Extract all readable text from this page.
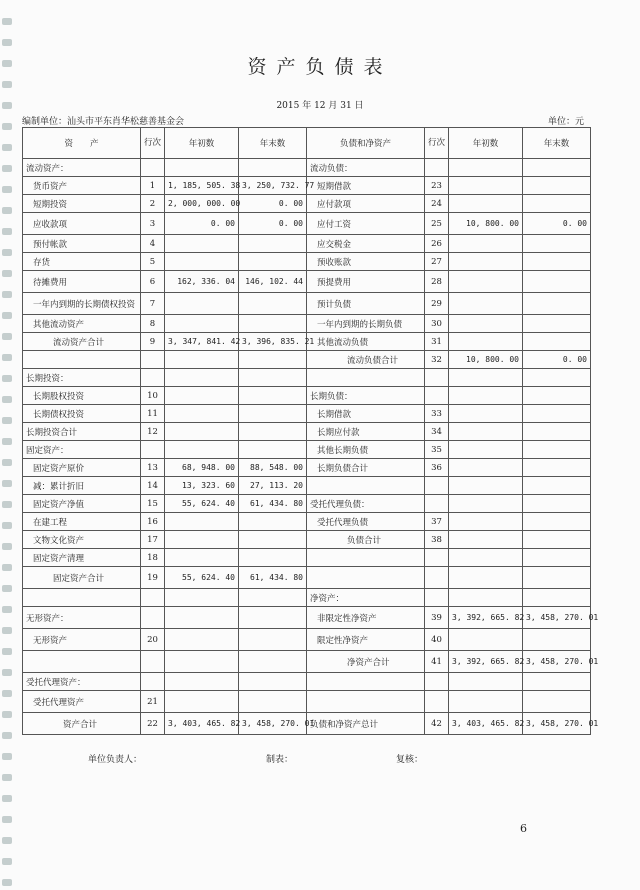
资产负债表
2015 年 12 月 31 日
编制单位：汕头市平东肖华松慈善基金会	单位：元
资　　产	行次	年初数	年末数	负债和净资产	行次	年初数	年末数
流动资产：				流动负债：			
货币资产	1	1, 185, 505. 38	3, 250, 732. 77	短期借款	23		
短期投资	2	2, 000, 000. 00	0. 00	应付款项	24		
应收款项	3	0. 00	0. 00	应付工资	25	10, 800. 00	0. 00
预付帐款	4			应交税金	26		
存货	5			预收账款	27		
待摊费用	6	162, 336. 04	146, 102. 44	预提费用	28		
一年内到期的长期债权投资	7			预计负债	29		
其他流动资产	8			一年内到期的长期负债	30		
流动资产合计	9	3, 347, 841. 42	3, 396, 835. 21	其他流动负债	31		
				流动负债合计	32	10, 800. 00	0. 00
长期投资：							
长期股权投资	10			长期负债：			
长期债权投资	11			长期借款	33		
长期投资合计	12			长期应付款	34		
固定资产：				其他长期负债	35		
固定资产原价	13	68, 948. 00	88, 548. 00	长期负债合计	36		
减：累计折旧	14	13, 323. 60	27, 113. 20				
固定资产净值	15	55, 624. 40	61, 434. 80	受托代理负债：			
在建工程	16			受托代理负债	37		
文物文化资产	17			负债合计	38		
固定资产清理	18						
固定资产合计	19	55, 624. 40	61, 434. 80				
				净资产：			
无形资产：				非限定性净资产	39	3, 392, 665. 82	3, 458, 270. 01
无形资产	20			限定性净资产	40		
				净资产合计	41	3, 392, 665. 82	3, 458, 270. 01
受托代理资产：							
受托代理资产	21						
资产合计	22	3, 403, 465. 82	3, 458, 270. 01	负债和净资产总计	42	3, 403, 465. 82	3, 458, 270. 01
单位负责人：	制表：	复核：
6
